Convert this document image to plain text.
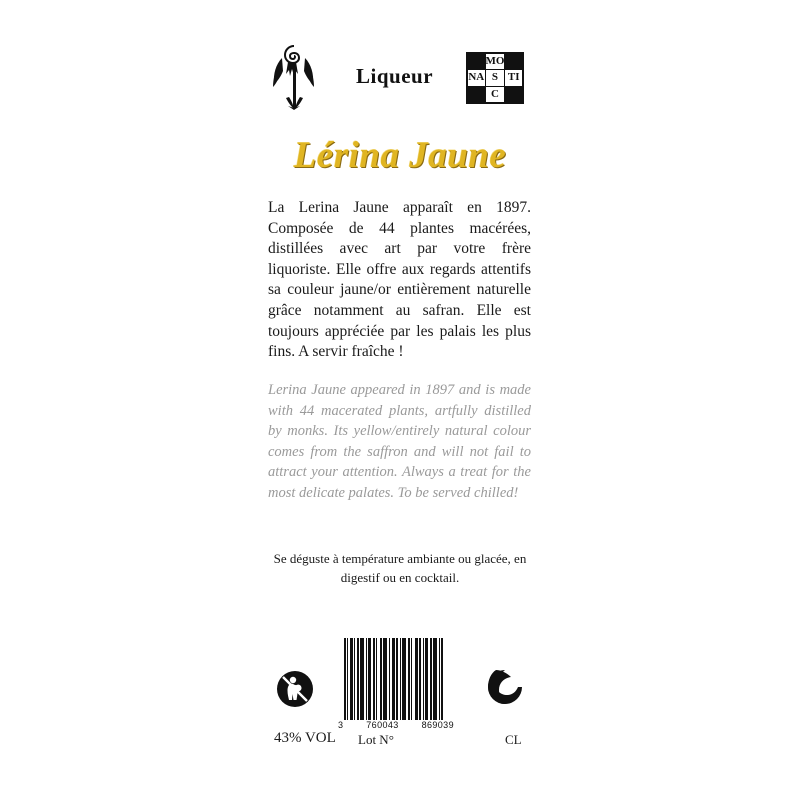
Liqueur
MO
NA S TI
C
Lérina Jaune
La Lerina Jaune apparaît en 1897. Composée de 44 plantes macérées, distillées avec art par votre frère liquoriste. Elle offre aux regards attentifs sa couleur jaune/or entièrement naturelle grâce notamment au safran. Elle est toujours appréciée par les palais les plus fins. A servir fraîche !
Lerina Jaune appeared in 1897 and is made with 44 macerated plants, artfully distilled by monks. Its yellow/entirely natural colour comes from the saffron and will not fail to attract your attention. Always a treat for the most delicate palates. To be served chilled!
Se déguste à température ambiante ou glacée, en digestif ou en cocktail.
3	760043	869039
43% VOL Lot N°	CL
